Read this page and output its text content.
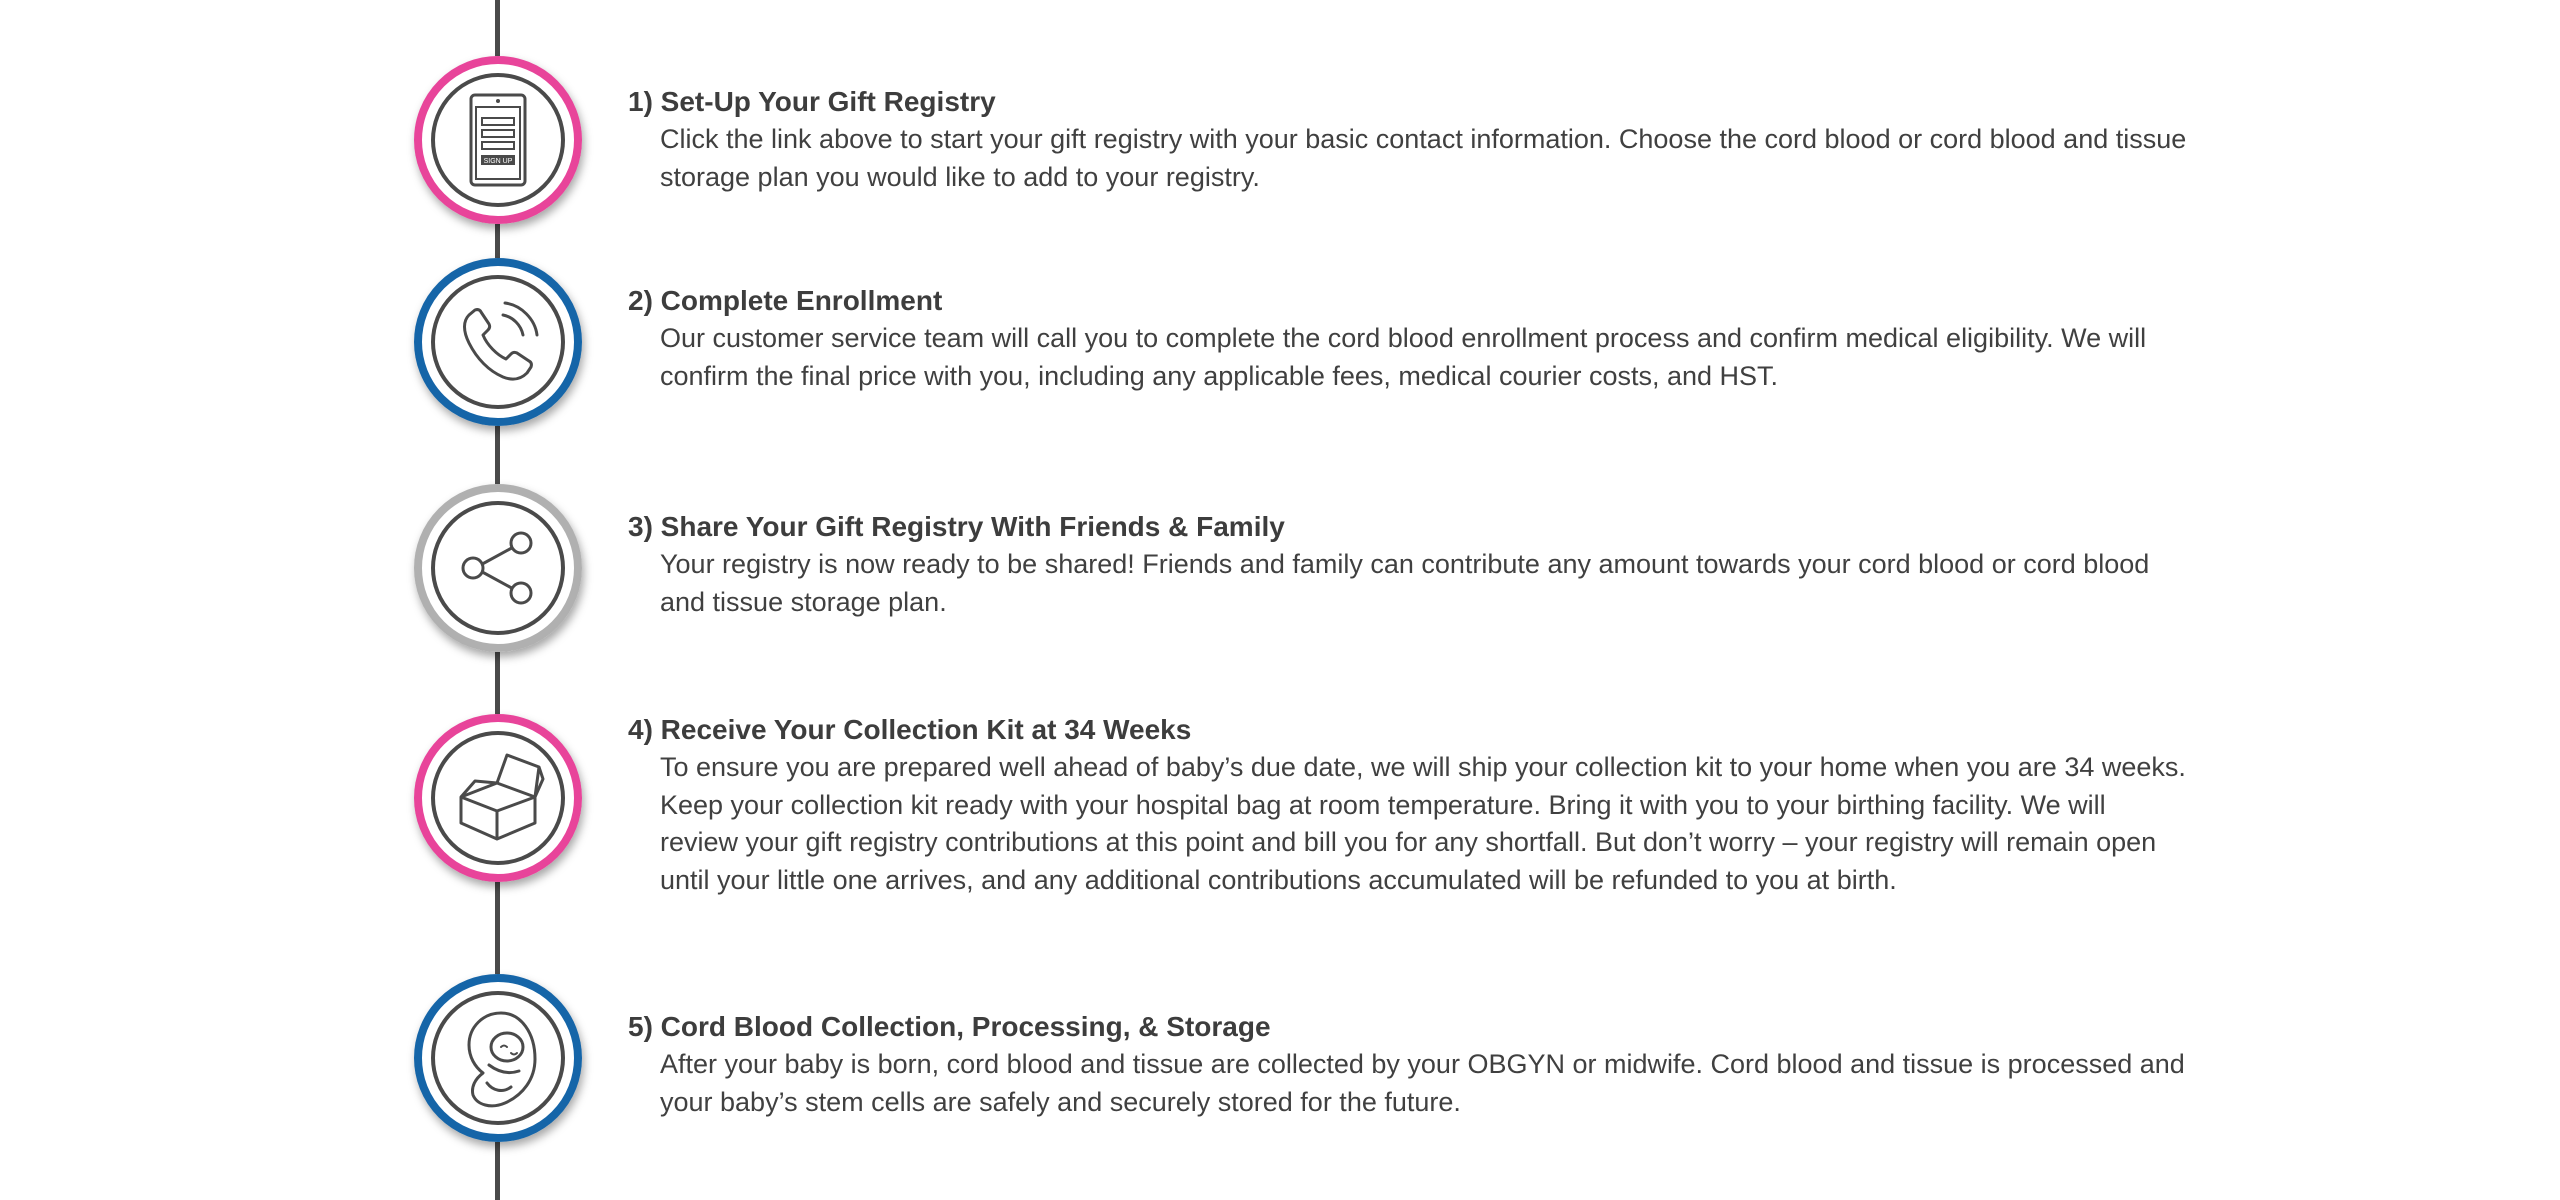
SIGN UP

1) Set-Up Your Gift Registry

Click the link above to start your gift registry with your basic contact information. Choose the cord blood or cord blood and tissue storage plan you would like to add to your registry.

2) Complete Enrollment

Our customer service team will call you to complete the cord blood enrollment process and confirm medical eligibility. We will confirm the final price with you, including any applicable fees, medical courier costs, and HST.

3) Share Your Gift Registry With Friends & Family

Your registry is now ready to be shared! Friends and family can contribute any amount towards your cord blood or cord blood and tissue storage plan.

4) Receive Your Collection Kit at 34 Weeks

To ensure you are prepared well ahead of baby’s due date, we will ship your collection kit to your home when you are 34 weeks. Keep your collection kit ready with your hospital bag at room temperature. Bring it with you to your birthing facility. We will review your gift registry contributions at this point and bill you for any shortfall. But don’t worry – your registry will remain open until your little one arrives, and any additional contributions accumulated will be refunded to you at birth.

5) Cord Blood Collection, Processing, & Storage

After your baby is born, cord blood and tissue are collected by your OBGYN or midwife. Cord blood and tissue is processed and your baby’s stem cells are safely and securely stored for the future.
